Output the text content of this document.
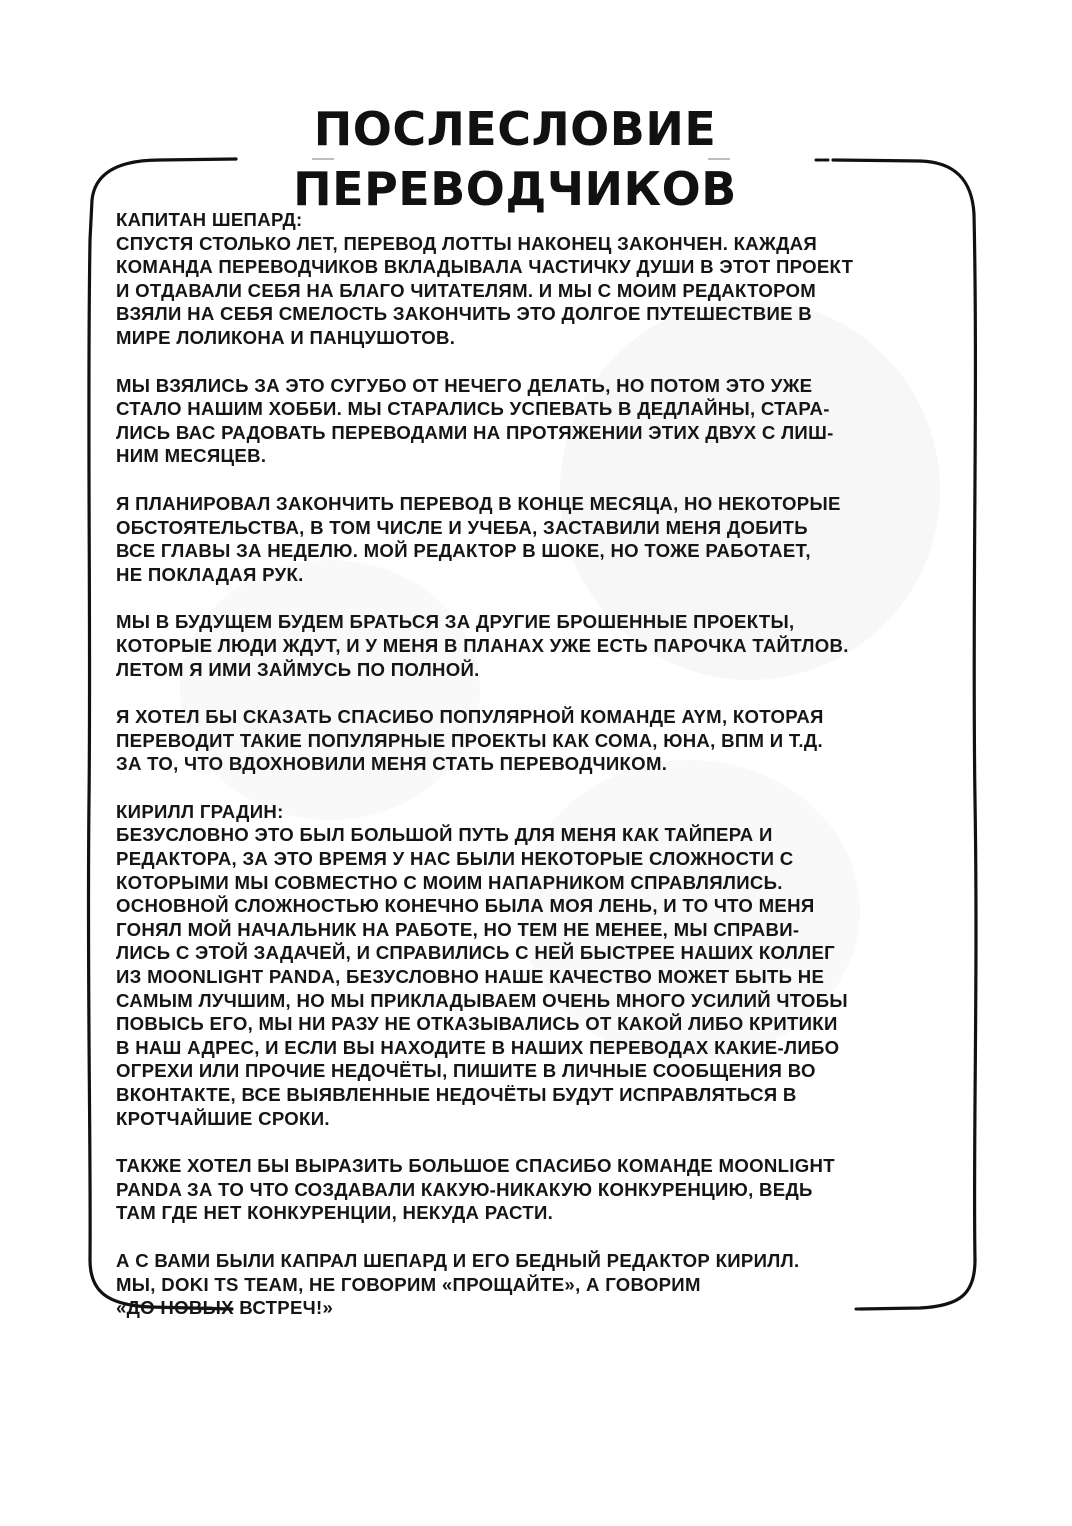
ПОСЛЕСЛОВИЕ
ПЕРЕВОДЧИКОВ

КАПИТАН ШЕПАРД:
СПУСТЯ СТОЛЬКО ЛЕТ, ПЕРЕВОД ЛОТТЫ НАКОНЕЦ ЗАКОНЧЕН. КАЖДАЯ
КОМАНДА ПЕРЕВОДЧИКОВ ВКЛАДЫВАЛА ЧАСТИЧКУ ДУШИ В ЭТОТ ПРОЕКТ
И ОТДАВАЛИ СЕБЯ НА БЛАГО ЧИТАТЕЛЯМ. И МЫ С МОИМ РЕДАКТОРОМ
ВЗЯЛИ НА СЕБЯ СМЕЛОСТЬ ЗАКОНЧИТЬ ЭТО ДОЛГОЕ ПУТЕШЕСТВИЕ В
МИРЕ ЛОЛИКОНА И ПАНЦУШОТОВ.

МЫ ВЗЯЛИСЬ ЗА ЭТО СУГУБО ОТ НЕЧЕГО ДЕЛАТЬ, НО ПОТОМ ЭТО УЖЕ
СТАЛО НАШИМ ХОББИ. МЫ СТАРАЛИСЬ УСПЕВАТЬ В ДЕДЛАЙНЫ, СТАРА-
ЛИСЬ ВАС РАДОВАТЬ ПЕРЕВОДАМИ НА ПРОТЯЖЕНИИ ЭТИХ ДВУХ С ЛИШ-
НИМ МЕСЯЦЕВ.

Я ПЛАНИРОВАЛ ЗАКОНЧИТЬ ПЕРЕВОД В КОНЦЕ МЕСЯЦА, НО НЕКОТОРЫЕ
ОБСТОЯТЕЛЬСТВА, В ТОМ ЧИСЛЕ И УЧЕБА, ЗАСТАВИЛИ МЕНЯ ДОБИТЬ
ВСЕ ГЛАВЫ ЗА НЕДЕЛЮ. МОЙ РЕДАКТОР В ШОКЕ, НО ТОЖЕ РАБОТАЕТ,
НЕ ПОКЛАДАЯ РУК.

МЫ В БУДУЩЕМ БУДЕМ БРАТЬСЯ ЗА ДРУГИЕ БРОШЕННЫЕ ПРОЕКТЫ,
КОТОРЫЕ ЛЮДИ ЖДУТ, И У МЕНЯ В ПЛАНАХ УЖЕ ЕСТЬ ПАРОЧКА ТАЙТЛОВ.
ЛЕТОМ Я ИМИ ЗАЙМУСЬ ПО ПОЛНОЙ.

Я ХОТЕЛ БЫ СКАЗАТЬ СПАСИБО ПОПУЛЯРНОЙ КОМАНДЕ AYM, КОТОРАЯ
ПЕРЕВОДИТ ТАКИЕ ПОПУЛЯРНЫЕ ПРОЕКТЫ КАК СОМА, ЮНА, ВПМ И Т.Д.
ЗА ТО, ЧТО ВДОХНОВИЛИ МЕНЯ СТАТЬ ПЕРЕВОДЧИКОМ.

КИРИЛЛ ГРАДИН:
БЕЗУСЛОВНО ЭТО БЫЛ БОЛЬШОЙ ПУТЬ ДЛЯ МЕНЯ КАК ТАЙПЕРА И
РЕДАКТОРА, ЗА ЭТО ВРЕМЯ У НАС БЫЛИ НЕКОТОРЫЕ СЛОЖНОСТИ С
КОТОРЫМИ МЫ СОВМЕСТНО С МОИМ НАПАРНИКОМ СПРАВЛЯЛИСЬ.
ОСНОВНОЙ СЛОЖНОСТЬЮ КОНЕЧНО БЫЛА МОЯ ЛЕНЬ, И ТО ЧТО МЕНЯ
ГОНЯЛ МОЙ НАЧАЛЬНИК НА РАБОТЕ, НО ТЕМ НЕ МЕНЕЕ, МЫ СПРАВИ-
ЛИСЬ С ЭТОЙ ЗАДАЧЕЙ, И СПРАВИЛИСЬ С НЕЙ БЫСТРЕЕ НАШИХ КОЛЛЕГ
ИЗ MOONLIGHT PANDA, БЕЗУСЛОВНО НАШЕ КАЧЕСТВО МОЖЕТ БЫТЬ НЕ
САМЫМ ЛУЧШИМ, НО МЫ ПРИКЛАДЫВАЕМ ОЧЕНЬ МНОГО УСИЛИЙ ЧТОБЫ
ПОВЫСЬ ЕГО, МЫ НИ РАЗУ НЕ ОТКАЗЫВАЛИСЬ ОТ КАКОЙ ЛИБО КРИТИКИ
В НАШ АДРЕС, И ЕСЛИ ВЫ НАХОДИТЕ В НАШИХ ПЕРЕВОДАХ КАКИЕ-ЛИБО
ОГРЕХИ ИЛИ ПРОЧИЕ НЕДОЧЁТЫ, ПИШИТЕ В ЛИЧНЫЕ СООБЩЕНИЯ ВО
ВКОНТАКТЕ, ВСЕ ВЫЯВЛЕННЫЕ НЕДОЧЁТЫ БУДУТ ИСПРАВЛЯТЬСЯ В
КРОТЧАЙШИЕ СРОКИ.

ТАКЖЕ ХОТЕЛ БЫ ВЫРАЗИТЬ БОЛЬШОЕ СПАСИБО КОМАНДЕ MOONLIGHT
PANDA ЗА ТО ЧТО СОЗДАВАЛИ КАКУЮ-НИКАКУЮ КОНКУРЕНЦИЮ, ВЕДЬ
ТАМ ГДЕ НЕТ КОНКУРЕНЦИИ, НЕКУДА РАСТИ.

А С ВАМИ БЫЛИ КАПРАЛ ШЕПАРД И ЕГО БЕДНЫЙ РЕДАКТОР КИРИЛЛ.
МЫ, DOKI TS TEAM, НЕ ГОВОРИМ «ПРОЩАЙТЕ», А ГОВОРИМ
«ДО НОВЫХ ВСТРЕЧ!»
